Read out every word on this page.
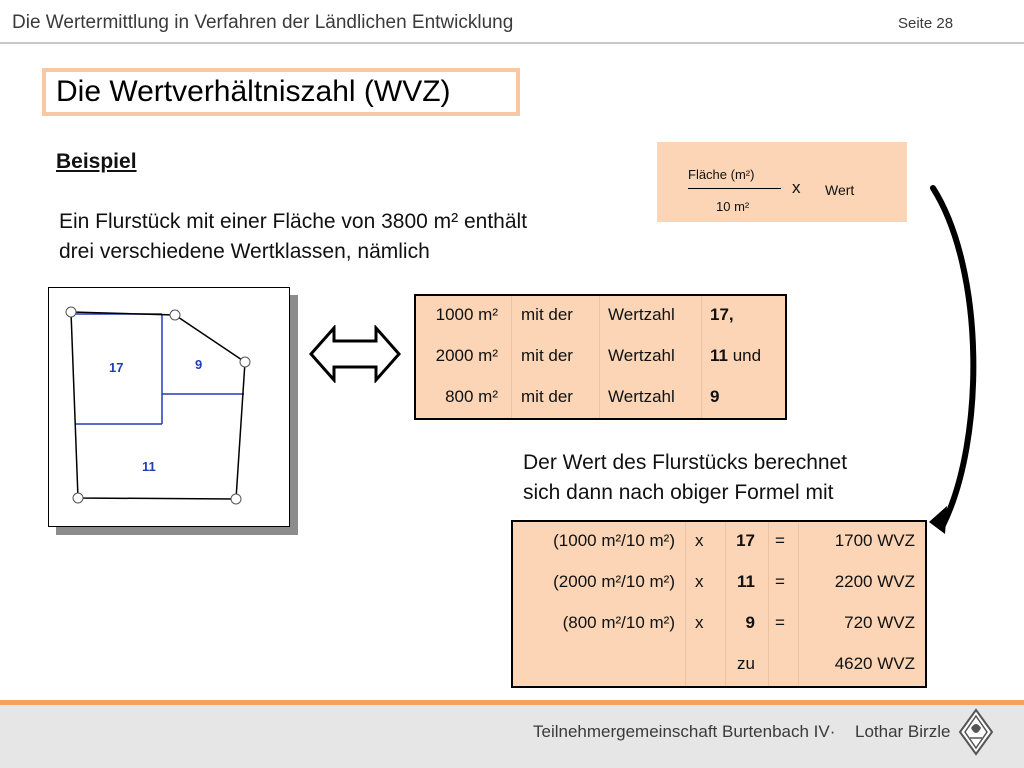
Die Wertermittlung in Verfahren der Ländlichen Entwicklung	Seite 28
Die Wertverhältniszahl (WVZ)
Beispiel
Ein Flurstück mit einer Fläche von 3800 m² enthält
drei verschiedene Wertklassen, nämlich
Fläche (m²)
10 m²
x Wert
17	9
11
1000 m² mit der Wertzahl 17,
2000 m² mit der Wertzahl 11 und
800 m² mit der Wertzahl 9
Der Wert des Flurstücks berechnet
sich dann nach obiger Formel mit
(1000 m²/10 m²) x 17 =	1700 WVZ
(2000 m²/10 m²) x 11 =	2200 WVZ
(800 m²/10 m²) x 9 =	720 WVZ
zu	4620 WVZ
Teilnehmergemeinschaft Burtenbach IV· Lothar Birzle
